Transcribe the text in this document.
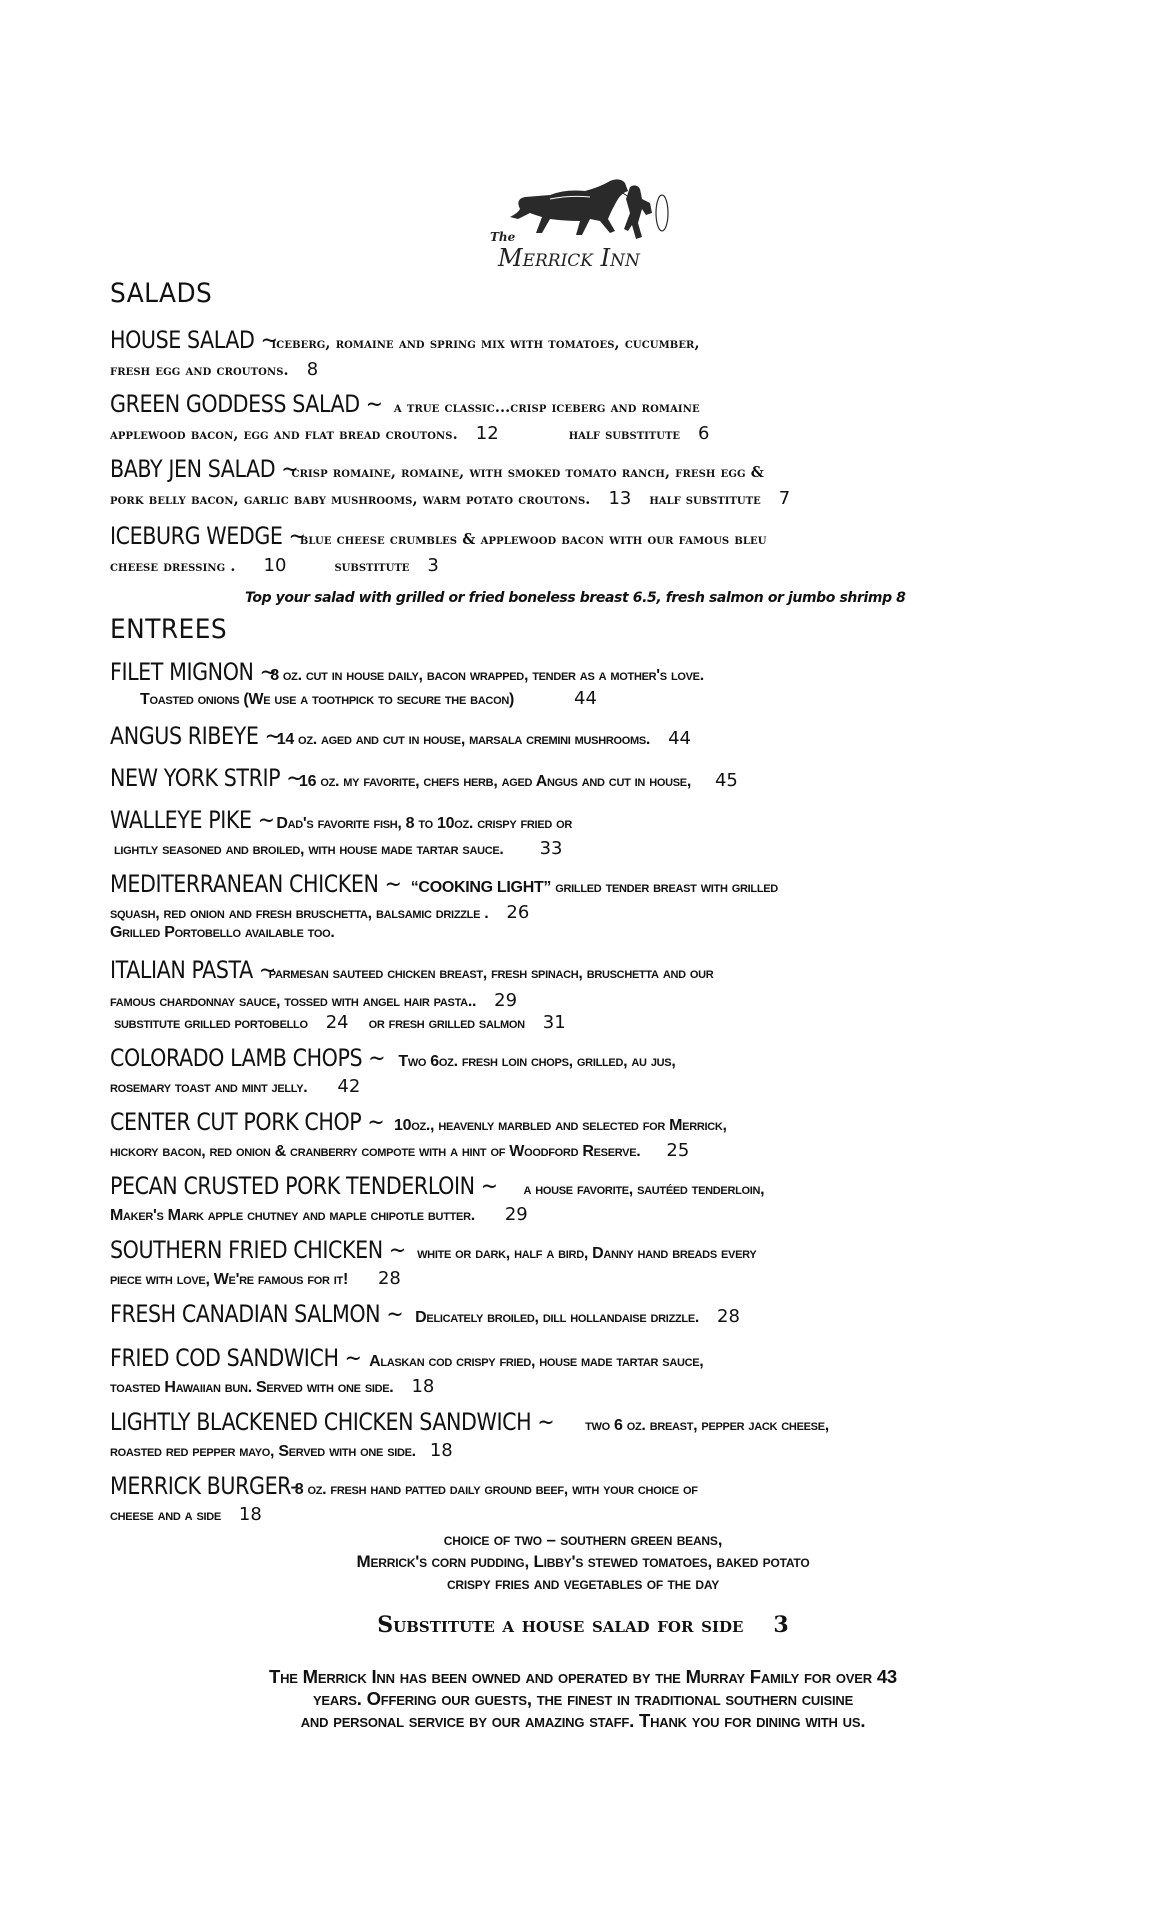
The
Merrick Inn
SALADS
HOUSE SALAD ~ iceberg, romaine and spring mix with tomatoes, cucumber,
fresh egg and croutons. 8
GREEN GODDESS SALAD ~ a true classic...crisp iceberg and romaine
applewood bacon, egg and flat bread croutons. 12	half substitute 6
BABY JEN SALAD ~ crisp romaine, romaine, with smoked tomato ranch, fresh egg &
pork belly bacon, garlic baby mushrooms, warm potato croutons. 13 half substitute 7
ICEBURG WEDGE ~ blue cheese crumbles & applewood bacon with our famous bleu
cheese dressing . 10	substitute 3
Top your salad with grilled or fried boneless breast 6.5, fresh salmon or jumbo shrimp 8
ENTREES
FILET MIGNON ~ 8 oz. cut in house daily, bacon wrapped, tender as a mother's love.
Toasted onions (We use a toothpick to secure the bacon)	44
ANGUS RIBEYE ~ 14 oz. aged and cut in house, marsala cremini mushrooms. 44
NEW YORK STRIP ~ 16 oz. my favorite, chefs herb, aged Angus and cut in house, 45
WALLEYE PIKE ~ Dad's favorite fish, 8 to 10oz. crispy fried or
lightly seasoned and broiled, with house made tartar sauce. 33
MEDITERRANEAN CHICKEN ~ “COOKING LIGHT” grilled tender breast with grilled
squash, red onion and fresh bruschetta, balsamic drizzle . 26
Grilled Portobello available too.
ITALIAN PASTA ~ parmesan sauteed chicken breast, fresh spinach, bruschetta and our
famous chardonnay sauce, tossed with angel hair pasta.. 29
substitute grilled portobello 24 or fresh grilled salmon 31
COLORADO LAMB CHOPS ~ Two 6oz. fresh loin chops, grilled, au jus,
rosemary toast and mint jelly. 42
CENTER CUT PORK CHOP ~ 10oz., heavenly marbled and selected for Merrick,
hickory bacon, red onion & cranberry compote with a hint of Woodford Reserve. 25
PECAN CRUSTED PORK TENDERLOIN ~ a house favorite, sautéed tenderloin,
Maker's Mark apple chutney and maple chipotle butter. 29
SOUTHERN FRIED CHICKEN ~ white or dark, half a bird, Danny hand breads every
piece with love, We're famous for it! 28
FRESH CANADIAN SALMON ~ Delicately broiled, dill hollandaise drizzle. 28
FRIED COD SANDWICH ~ Alaskan cod crispy fried, house made tartar sauce,
toasted Hawaiian bun. Served with one side. 18
LIGHTLY BLACKENED CHICKEN SANDWICH ~ two 6 oz. breast, pepper jack cheese,
roasted red pepper mayo, Served with one side. 18
MERRICK BURGER- 8 oz. fresh hand patted daily ground beef, with your choice of
cheese and a side 18
choice of two – southern green beans,
Merrick's corn pudding, Libby's stewed tomatoes, baked potato
crispy fries and vegetables of the day
Substitute a house salad for side 3
The Merrick Inn has been owned and operated by the Murray Family for over 43
years. Offering our guests, the finest in traditional southern cuisine
and personal service by our amazing staff. Thank you for dining with us.
